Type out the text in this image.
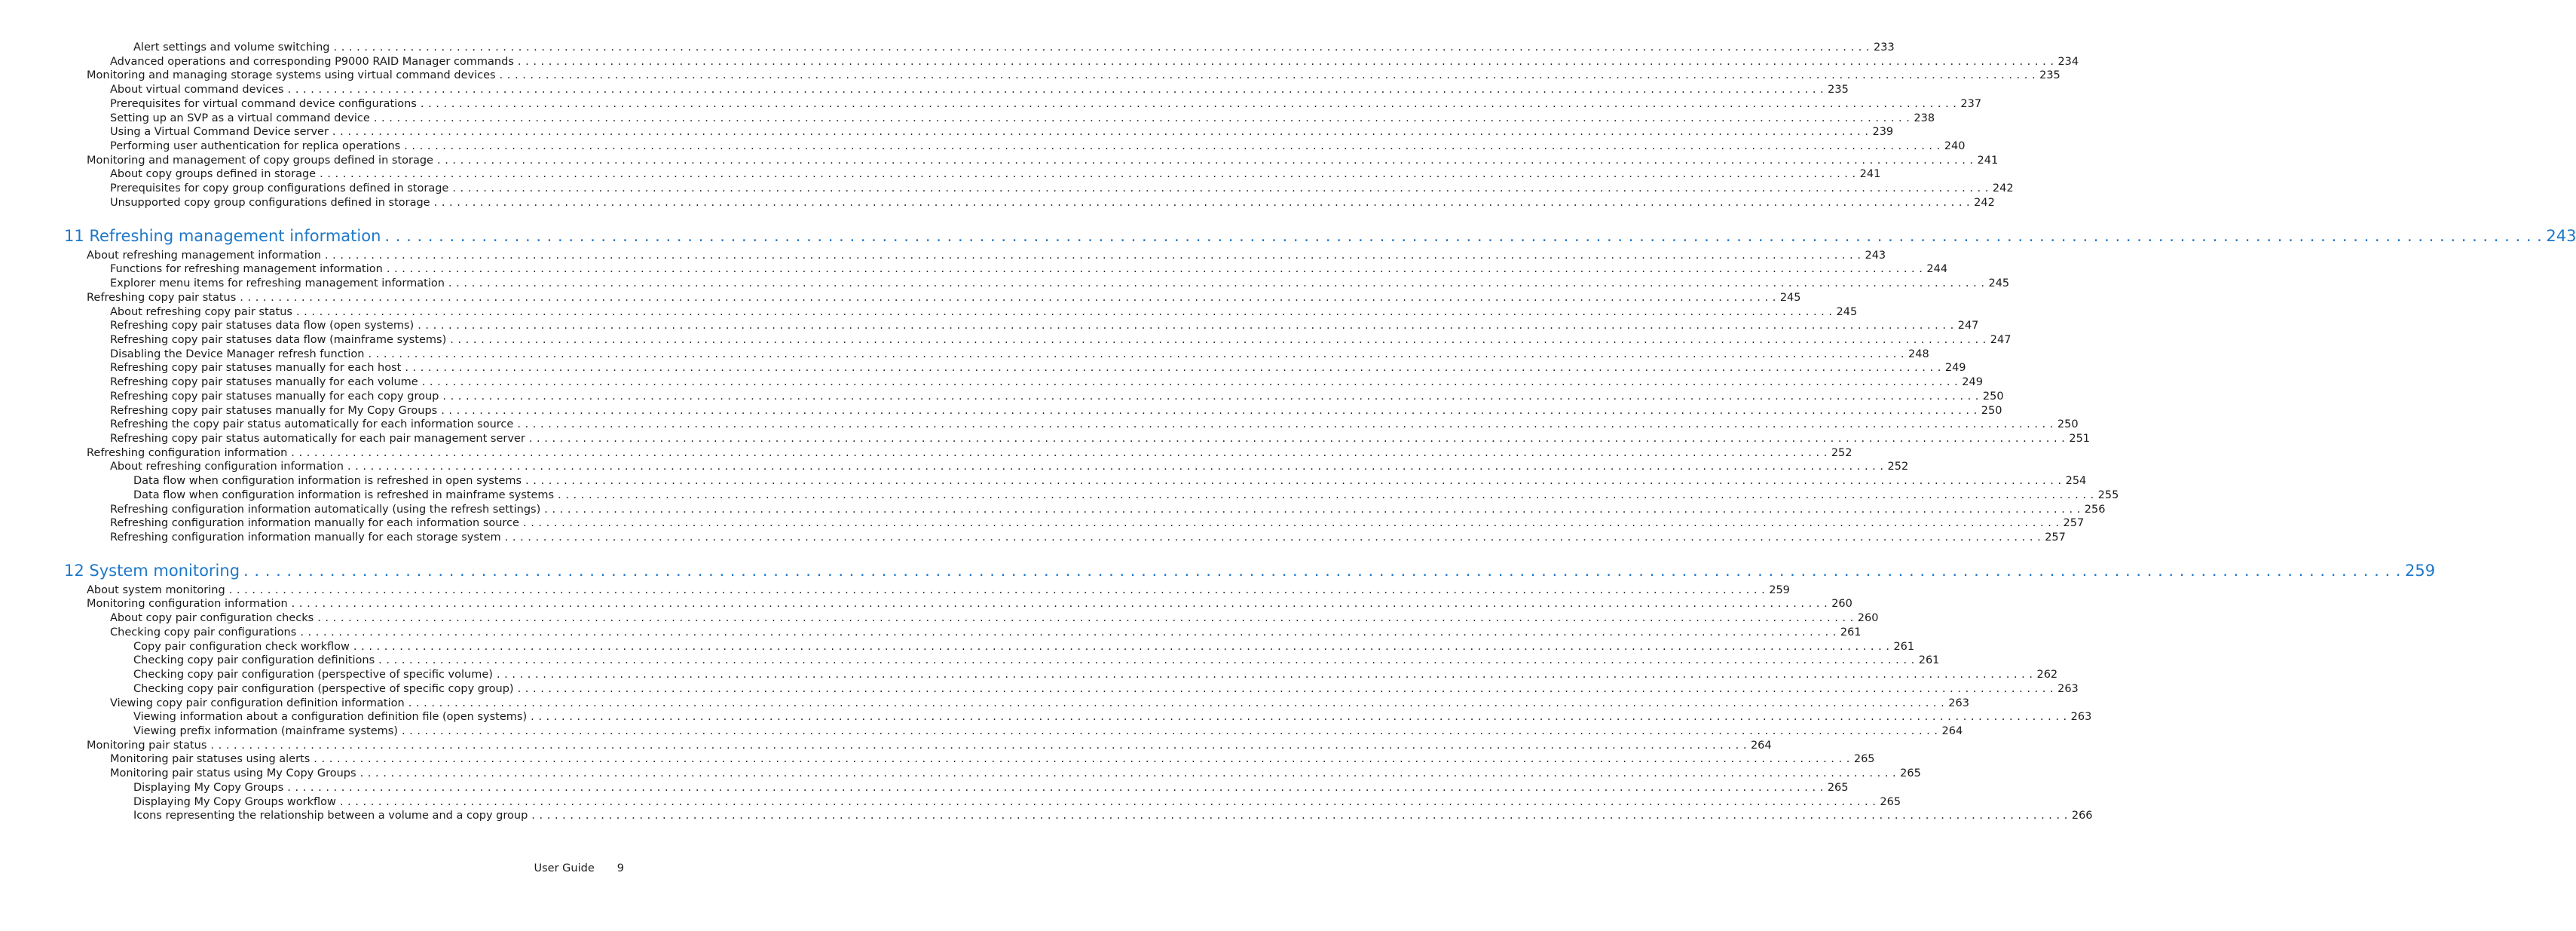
Alert settings and volume switching . . . . . . . . . . . . . . . . . . . . . . . . . . . . . . . . . . . . . . . . . . . . . . . . . . . . . . . . . . . . . . . . . . . . . . . . . . . . . . . . . . . . . . . . . . . . . . . . . . . . . . . . . . . . . . . . . . . . . . . . . . . . . . . . . . . . . . . . . . . . . . . . . . . . . . . . . . . . . . . . . . . . . . . . . . . . . . . . . . . . . . . . . . . . . . . . . . . . . . . . 233
Advanced operations and corresponding P9000 RAID Manager commands . . . . . . . . . . . . . . . . . . . . . . . . . . . . . . . . . . . . . . . . . . . . . . . . . . . . . . . . . . . . . . . . . . . . . . . . . . . . . . . . . . . . . . . . . . . . . . . . . . . . . . . . . . . . . . . . . . . . . . . . . . . . . . . . . . . . . . . . . . . . . . . . . . . . . . . . . . . . . . . . . . . . . . . . . . . . . . . . . . . . . . . . . . . . . . . . . . . . . . . . 234
Monitoring and managing storage systems using virtual command devices . . . . . . . . . . . . . . . . . . . . . . . . . . . . . . . . . . . . . . . . . . . . . . . . . . . . . . . . . . . . . . . . . . . . . . . . . . . . . . . . . . . . . . . . . . . . . . . . . . . . . . . . . . . . . . . . . . . . . . . . . . . . . . . . . . . . . . . . . . . . . . . . . . . . . . . . . . . . . . . . . . . . . . . . . . . . . . . . . . . . . . . . . . . . . . . . . . . . . . . . 235
About virtual command devices . . . . . . . . . . . . . . . . . . . . . . . . . . . . . . . . . . . . . . . . . . . . . . . . . . . . . . . . . . . . . . . . . . . . . . . . . . . . . . . . . . . . . . . . . . . . . . . . . . . . . . . . . . . . . . . . . . . . . . . . . . . . . . . . . . . . . . . . . . . . . . . . . . . . . . . . . . . . . . . . . . . . . . . . . . . . . . . . . . . . . . . . . . . . . . . . . . . . . . . . 235
Prerequisites for virtual command device configurations . . . . . . . . . . . . . . . . . . . . . . . . . . . . . . . . . . . . . . . . . . . . . . . . . . . . . . . . . . . . . . . . . . . . . . . . . . . . . . . . . . . . . . . . . . . . . . . . . . . . . . . . . . . . . . . . . . . . . . . . . . . . . . . . . . . . . . . . . . . . . . . . . . . . . . . . . . . . . . . . . . . . . . . . . . . . . . . . . . . . . . . . . . . . . . . . . . . . . . . . 237
Setting up an SVP as a virtual command device . . . . . . . . . . . . . . . . . . . . . . . . . . . . . . . . . . . . . . . . . . . . . . . . . . . . . . . . . . . . . . . . . . . . . . . . . . . . . . . . . . . . . . . . . . . . . . . . . . . . . . . . . . . . . . . . . . . . . . . . . . . . . . . . . . . . . . . . . . . . . . . . . . . . . . . . . . . . . . . . . . . . . . . . . . . . . . . . . . . . . . . . . . . . . . . . . . . . . . . . 238
Using a Virtual Command Device server . . . . . . . . . . . . . . . . . . . . . . . . . . . . . . . . . . . . . . . . . . . . . . . . . . . . . . . . . . . . . . . . . . . . . . . . . . . . . . . . . . . . . . . . . . . . . . . . . . . . . . . . . . . . . . . . . . . . . . . . . . . . . . . . . . . . . . . . . . . . . . . . . . . . . . . . . . . . . . . . . . . . . . . . . . . . . . . . . . . . . . . . . . . . . . . . . . . . . . . . 239
Performing user authentication for replica operations . . . . . . . . . . . . . . . . . . . . . . . . . . . . . . . . . . . . . . . . . . . . . . . . . . . . . . . . . . . . . . . . . . . . . . . . . . . . . . . . . . . . . . . . . . . . . . . . . . . . . . . . . . . . . . . . . . . . . . . . . . . . . . . . . . . . . . . . . . . . . . . . . . . . . . . . . . . . . . . . . . . . . . . . . . . . . . . . . . . . . . . . . . . . . . . . . . . . . . . . 240
Monitoring and management of copy groups defined in storage . . . . . . . . . . . . . . . . . . . . . . . . . . . . . . . . . . . . . . . . . . . . . . . . . . . . . . . . . . . . . . . . . . . . . . . . . . . . . . . . . . . . . . . . . . . . . . . . . . . . . . . . . . . . . . . . . . . . . . . . . . . . . . . . . . . . . . . . . . . . . . . . . . . . . . . . . . . . . . . . . . . . . . . . . . . . . . . . . . . . . . . . . . . . . . . . . . . . . . . . 241
About copy groups defined in storage . . . . . . . . . . . . . . . . . . . . . . . . . . . . . . . . . . . . . . . . . . . . . . . . . . . . . . . . . . . . . . . . . . . . . . . . . . . . . . . . . . . . . . . . . . . . . . . . . . . . . . . . . . . . . . . . . . . . . . . . . . . . . . . . . . . . . . . . . . . . . . . . . . . . . . . . . . . . . . . . . . . . . . . . . . . . . . . . . . . . . . . . . . . . . . . . . . . . . . . . 241
Prerequisites for copy group configurations defined in storage . . . . . . . . . . . . . . . . . . . . . . . . . . . . . . . . . . . . . . . . . . . . . . . . . . . . . . . . . . . . . . . . . . . . . . . . . . . . . . . . . . . . . . . . . . . . . . . . . . . . . . . . . . . . . . . . . . . . . . . . . . . . . . . . . . . . . . . . . . . . . . . . . . . . . . . . . . . . . . . . . . . . . . . . . . . . . . . . . . . . . . . . . . . . . . . . . . . . . . . . 242
Unsupported copy group configurations defined in storage . . . . . . . . . . . . . . . . . . . . . . . . . . . . . . . . . . . . . . . . . . . . . . . . . . . . . . . . . . . . . . . . . . . . . . . . . . . . . . . . . . . . . . . . . . . . . . . . . . . . . . . . . . . . . . . . . . . . . . . . . . . . . . . . . . . . . . . . . . . . . . . . . . . . . . . . . . . . . . . . . . . . . . . . . . . . . . . . . . . . . . . . . . . . . . . . . . . . . . . . 242
11 Refreshing management information . . . . . . . . . . . . . . . . . . . . . . . . . . . . . . . . . . . . . . . . . . . . . . . . . . . . . . . . . . . . . . . . . . . . . . . . . . . . . . . . . . . . . . . . . . . . . . . . . . . . . . . . . . . . . . . . . . . . . . . . . . . . . . . . . . . . . . . . . . . . . . . . . . . . . . . . . . . . . . . . . . . . . . . . . . . . . . . . . . . . . . . . . . . . . . . . . . . . . . . . 243
About refreshing management information . . . . . . . . . . . . . . . . . . . . . . . . . . . . . . . . . . . . . . . . . . . . . . . . . . . . . . . . . . . . . . . . . . . . . . . . . . . . . . . . . . . . . . . . . . . . . . . . . . . . . . . . . . . . . . . . . . . . . . . . . . . . . . . . . . . . . . . . . . . . . . . . . . . . . . . . . . . . . . . . . . . . . . . . . . . . . . . . . . . . . . . . . . . . . . . . . . . . . . . . 243
Functions for refreshing management information . . . . . . . . . . . . . . . . . . . . . . . . . . . . . . . . . . . . . . . . . . . . . . . . . . . . . . . . . . . . . . . . . . . . . . . . . . . . . . . . . . . . . . . . . . . . . . . . . . . . . . . . . . . . . . . . . . . . . . . . . . . . . . . . . . . . . . . . . . . . . . . . . . . . . . . . . . . . . . . . . . . . . . . . . . . . . . . . . . . . . . . . . . . . . . . . . . . . . . . . 244
Explorer menu items for refreshing management information . . . . . . . . . . . . . . . . . . . . . . . . . . . . . . . . . . . . . . . . . . . . . . . . . . . . . . . . . . . . . . . . . . . . . . . . . . . . . . . . . . . . . . . . . . . . . . . . . . . . . . . . . . . . . . . . . . . . . . . . . . . . . . . . . . . . . . . . . . . . . . . . . . . . . . . . . . . . . . . . . . . . . . . . . . . . . . . . . . . . . . . . . . . . . . . . . . . . . . . . 245
Refreshing copy pair status . . . . . . . . . . . . . . . . . . . . . . . . . . . . . . . . . . . . . . . . . . . . . . . . . . . . . . . . . . . . . . . . . . . . . . . . . . . . . . . . . . . . . . . . . . . . . . . . . . . . . . . . . . . . . . . . . . . . . . . . . . . . . . . . . . . . . . . . . . . . . . . . . . . . . . . . . . . . . . . . . . . . . . . . . . . . . . . . . . . . . . . . . . . . . . . . . . . . . . . . 245
About refreshing copy pair status . . . . . . . . . . . . . . . . . . . . . . . . . . . . . . . . . . . . . . . . . . . . . . . . . . . . . . . . . . . . . . . . . . . . . . . . . . . . . . . . . . . . . . . . . . . . . . . . . . . . . . . . . . . . . . . . . . . . . . . . . . . . . . . . . . . . . . . . . . . . . . . . . . . . . . . . . . . . . . . . . . . . . . . . . . . . . . . . . . . . . . . . . . . . . . . . . . . . . . . . 245
Refreshing copy pair statuses data flow (open systems) . . . . . . . . . . . . . . . . . . . . . . . . . . . . . . . . . . . . . . . . . . . . . . . . . . . . . . . . . . . . . . . . . . . . . . . . . . . . . . . . . . . . . . . . . . . . . . . . . . . . . . . . . . . . . . . . . . . . . . . . . . . . . . . . . . . . . . . . . . . . . . . . . . . . . . . . . . . . . . . . . . . . . . . . . . . . . . . . . . . . . . . . . . . . . . . . . . . . . . . . 247
Refreshing copy pair statuses data flow (mainframe systems) . . . . . . . . . . . . . . . . . . . . . . . . . . . . . . . . . . . . . . . . . . . . . . . . . . . . . . . . . . . . . . . . . . . . . . . . . . . . . . . . . . . . . . . . . . . . . . . . . . . . . . . . . . . . . . . . . . . . . . . . . . . . . . . . . . . . . . . . . . . . . . . . . . . . . . . . . . . . . . . . . . . . . . . . . . . . . . . . . . . . . . . . . . . . . . . . . . . . . . . . 247
Disabling the Device Manager refresh function . . . . . . . . . . . . . . . . . . . . . . . . . . . . . . . . . . . . . . . . . . . . . . . . . . . . . . . . . . . . . . . . . . . . . . . . . . . . . . . . . . . . . . . . . . . . . . . . . . . . . . . . . . . . . . . . . . . . . . . . . . . . . . . . . . . . . . . . . . . . . . . . . . . . . . . . . . . . . . . . . . . . . . . . . . . . . . . . . . . . . . . . . . . . . . . . . . . . . . . . 248
Refreshing copy pair statuses manually for each host . . . . . . . . . . . . . . . . . . . . . . . . . . . . . . . . . . . . . . . . . . . . . . . . . . . . . . . . . . . . . . . . . . . . . . . . . . . . . . . . . . . . . . . . . . . . . . . . . . . . . . . . . . . . . . . . . . . . . . . . . . . . . . . . . . . . . . . . . . . . . . . . . . . . . . . . . . . . . . . . . . . . . . . . . . . . . . . . . . . . . . . . . . . . . . . . . . . . . . . . 249
Refreshing copy pair statuses manually for each volume . . . . . . . . . . . . . . . . . . . . . . . . . . . . . . . . . . . . . . . . . . . . . . . . . . . . . . . . . . . . . . . . . . . . . . . . . . . . . . . . . . . . . . . . . . . . . . . . . . . . . . . . . . . . . . . . . . . . . . . . . . . . . . . . . . . . . . . . . . . . . . . . . . . . . . . . . . . . . . . . . . . . . . . . . . . . . . . . . . . . . . . . . . . . . . . . . . . . . . . . 249
Refreshing copy pair statuses manually for each copy group . . . . . . . . . . . . . . . . . . . . . . . . . . . . . . . . . . . . . . . . . . . . . . . . . . . . . . . . . . . . . . . . . . . . . . . . . . . . . . . . . . . . . . . . . . . . . . . . . . . . . . . . . . . . . . . . . . . . . . . . . . . . . . . . . . . . . . . . . . . . . . . . . . . . . . . . . . . . . . . . . . . . . . . . . . . . . . . . . . . . . . . . . . . . . . . . . . . . . . . . 250
Refreshing copy pair statuses manually for My Copy Groups . . . . . . . . . . . . . . . . . . . . . . . . . . . . . . . . . . . . . . . . . . . . . . . . . . . . . . . . . . . . . . . . . . . . . . . . . . . . . . . . . . . . . . . . . . . . . . . . . . . . . . . . . . . . . . . . . . . . . . . . . . . . . . . . . . . . . . . . . . . . . . . . . . . . . . . . . . . . . . . . . . . . . . . . . . . . . . . . . . . . . . . . . . . . . . . . . . . . . . . . 250
Refreshing the copy pair status automatically for each information source . . . . . . . . . . . . . . . . . . . . . . . . . . . . . . . . . . . . . . . . . . . . . . . . . . . . . . . . . . . . . . . . . . . . . . . . . . . . . . . . . . . . . . . . . . . . . . . . . . . . . . . . . . . . . . . . . . . . . . . . . . . . . . . . . . . . . . . . . . . . . . . . . . . . . . . . . . . . . . . . . . . . . . . . . . . . . . . . . . . . . . . . . . . . . . . . . . . . . . . . 250
Refreshing copy pair status automatically for each pair management server . . . . . . . . . . . . . . . . . . . . . . . . . . . . . . . . . . . . . . . . . . . . . . . . . . . . . . . . . . . . . . . . . . . . . . . . . . . . . . . . . . . . . . . . . . . . . . . . . . . . . . . . . . . . . . . . . . . . . . . . . . . . . . . . . . . . . . . . . . . . . . . . . . . . . . . . . . . . . . . . . . . . . . . . . . . . . . . . . . . . . . . . . . . . . . . . . . . . . . . . 251
Refreshing configuration information . . . . . . . . . . . . . . . . . . . . . . . . . . . . . . . . . . . . . . . . . . . . . . . . . . . . . . . . . . . . . . . . . . . . . . . . . . . . . . . . . . . . . . . . . . . . . . . . . . . . . . . . . . . . . . . . . . . . . . . . . . . . . . . . . . . . . . . . . . . . . . . . . . . . . . . . . . . . . . . . . . . . . . . . . . . . . . . . . . . . . . . . . . . . . . . . . . . . . . . . 252
About refreshing configuration information . . . . . . . . . . . . . . . . . . . . . . . . . . . . . . . . . . . . . . . . . . . . . . . . . . . . . . . . . . . . . . . . . . . . . . . . . . . . . . . . . . . . . . . . . . . . . . . . . . . . . . . . . . . . . . . . . . . . . . . . . . . . . . . . . . . . . . . . . . . . . . . . . . . . . . . . . . . . . . . . . . . . . . . . . . . . . . . . . . . . . . . . . . . . . . . . . . . . . . . . 252
Data flow when configuration information is refreshed in open systems . . . . . . . . . . . . . . . . . . . . . . . . . . . . . . . . . . . . . . . . . . . . . . . . . . . . . . . . . . . . . . . . . . . . . . . . . . . . . . . . . . . . . . . . . . . . . . . . . . . . . . . . . . . . . . . . . . . . . . . . . . . . . . . . . . . . . . . . . . . . . . . . . . . . . . . . . . . . . . . . . . . . . . . . . . . . . . . . . . . . . . . . . . . . . . . . . . . . . . . . 254
Data flow when configuration information is refreshed in mainframe systems . . . . . . . . . . . . . . . . . . . . . . . . . . . . . . . . . . . . . . . . . . . . . . . . . . . . . . . . . . . . . . . . . . . . . . . . . . . . . . . . . . . . . . . . . . . . . . . . . . . . . . . . . . . . . . . . . . . . . . . . . . . . . . . . . . . . . . . . . . . . . . . . . . . . . . . . . . . . . . . . . . . . . . . . . . . . . . . . . . . . . . . . . . . . . . . . . . . . . . . . 255
Refreshing configuration information automatically (using the refresh settings) . . . . . . . . . . . . . . . . . . . . . . . . . . . . . . . . . . . . . . . . . . . . . . . . . . . . . . . . . . . . . . . . . . . . . . . . . . . . . . . . . . . . . . . . . . . . . . . . . . . . . . . . . . . . . . . . . . . . . . . . . . . . . . . . . . . . . . . . . . . . . . . . . . . . . . . . . . . . . . . . . . . . . . . . . . . . . . . . . . . . . . . . . . . . . . . . . . . . . . . . 256
Refreshing configuration information manually for each information source . . . . . . . . . . . . . . . . . . . . . . . . . . . . . . . . . . . . . . . . . . . . . . . . . . . . . . . . . . . . . . . . . . . . . . . . . . . . . . . . . . . . . . . . . . . . . . . . . . . . . . . . . . . . . . . . . . . . . . . . . . . . . . . . . . . . . . . . . . . . . . . . . . . . . . . . . . . . . . . . . . . . . . . . . . . . . . . . . . . . . . . . . . . . . . . . . . . . . . . . 257
Refreshing configuration information manually for each storage system . . . . . . . . . . . . . . . . . . . . . . . . . . . . . . . . . . . . . . . . . . . . . . . . . . . . . . . . . . . . . . . . . . . . . . . . . . . . . . . . . . . . . . . . . . . . . . . . . . . . . . . . . . . . . . . . . . . . . . . . . . . . . . . . . . . . . . . . . . . . . . . . . . . . . . . . . . . . . . . . . . . . . . . . . . . . . . . . . . . . . . . . . . . . . . . . . . . . . . . . 257
12 System monitoring . . . . . . . . . . . . . . . . . . . . . . . . . . . . . . . . . . . . . . . . . . . . . . . . . . . . . . . . . . . . . . . . . . . . . . . . . . . . . . . . . . . . . . . . . . . . . . . . . . . . . . . . . . . . . . . . . . . . . . . . . . . . . . . . . . . . . . . . . . . . . . . . . . . . . . . . . . . . . . . . . . . . . . . . . . . . . . . . . . . . . . . . . . . . . . . . . . . . . . . . 259
About system monitoring . . . . . . . . . . . . . . . . . . . . . . . . . . . . . . . . . . . . . . . . . . . . . . . . . . . . . . . . . . . . . . . . . . . . . . . . . . . . . . . . . . . . . . . . . . . . . . . . . . . . . . . . . . . . . . . . . . . . . . . . . . . . . . . . . . . . . . . . . . . . . . . . . . . . . . . . . . . . . . . . . . . . . . . . . . . . . . . . . . . . . . . . . . . . . . . . . . . . . . . . 259
Monitoring configuration information . . . . . . . . . . . . . . . . . . . . . . . . . . . . . . . . . . . . . . . . . . . . . . . . . . . . . . . . . . . . . . . . . . . . . . . . . . . . . . . . . . . . . . . . . . . . . . . . . . . . . . . . . . . . . . . . . . . . . . . . . . . . . . . . . . . . . . . . . . . . . . . . . . . . . . . . . . . . . . . . . . . . . . . . . . . . . . . . . . . . . . . . . . . . . . . . . . . . . . . . 260
About copy pair configuration checks . . . . . . . . . . . . . . . . . . . . . . . . . . . . . . . . . . . . . . . . . . . . . . . . . . . . . . . . . . . . . . . . . . . . . . . . . . . . . . . . . . . . . . . . . . . . . . . . . . . . . . . . . . . . . . . . . . . . . . . . . . . . . . . . . . . . . . . . . . . . . . . . . . . . . . . . . . . . . . . . . . . . . . . . . . . . . . . . . . . . . . . . . . . . . . . . . . . . . . . . 260
Checking copy pair configurations . . . . . . . . . . . . . . . . . . . . . . . . . . . . . . . . . . . . . . . . . . . . . . . . . . . . . . . . . . . . . . . . . . . . . . . . . . . . . . . . . . . . . . . . . . . . . . . . . . . . . . . . . . . . . . . . . . . . . . . . . . . . . . . . . . . . . . . . . . . . . . . . . . . . . . . . . . . . . . . . . . . . . . . . . . . . . . . . . . . . . . . . . . . . . . . . . . . . . . . . 261
Copy pair configuration check workflow . . . . . . . . . . . . . . . . . . . . . . . . . . . . . . . . . . . . . . . . . . . . . . . . . . . . . . . . . . . . . . . . . . . . . . . . . . . . . . . . . . . . . . . . . . . . . . . . . . . . . . . . . . . . . . . . . . . . . . . . . . . . . . . . . . . . . . . . . . . . . . . . . . . . . . . . . . . . . . . . . . . . . . . . . . . . . . . . . . . . . . . . . . . . . . . . . . . . . . . . 261
Checking copy pair configuration definitions . . . . . . . . . . . . . . . . . . . . . . . . . . . . . . . . . . . . . . . . . . . . . . . . . . . . . . . . . . . . . . . . . . . . . . . . . . . . . . . . . . . . . . . . . . . . . . . . . . . . . . . . . . . . . . . . . . . . . . . . . . . . . . . . . . . . . . . . . . . . . . . . . . . . . . . . . . . . . . . . . . . . . . . . . . . . . . . . . . . . . . . . . . . . . . . . . . . . . . . . 261
Checking copy pair configuration (perspective of specific volume) . . . . . . . . . . . . . . . . . . . . . . . . . . . . . . . . . . . . . . . . . . . . . . . . . . . . . . . . . . . . . . . . . . . . . . . . . . . . . . . . . . . . . . . . . . . . . . . . . . . . . . . . . . . . . . . . . . . . . . . . . . . . . . . . . . . . . . . . . . . . . . . . . . . . . . . . . . . . . . . . . . . . . . . . . . . . . . . . . . . . . . . . . . . . . . . . . . . . . . . . 262
Checking copy pair configuration (perspective of specific copy group) . . . . . . . . . . . . . . . . . . . . . . . . . . . . . . . . . . . . . . . . . . . . . . . . . . . . . . . . . . . . . . . . . . . . . . . . . . . . . . . . . . . . . . . . . . . . . . . . . . . . . . . . . . . . . . . . . . . . . . . . . . . . . . . . . . . . . . . . . . . . . . . . . . . . . . . . . . . . . . . . . . . . . . . . . . . . . . . . . . . . . . . . . . . . . . . . . . . . . . . . 263
Viewing copy pair configuration definition information . . . . . . . . . . . . . . . . . . . . . . . . . . . . . . . . . . . . . . . . . . . . . . . . . . . . . . . . . . . . . . . . . . . . . . . . . . . . . . . . . . . . . . . . . . . . . . . . . . . . . . . . . . . . . . . . . . . . . . . . . . . . . . . . . . . . . . . . . . . . . . . . . . . . . . . . . . . . . . . . . . . . . . . . . . . . . . . . . . . . . . . . . . . . . . . . . . . . . . . . 263
Viewing information about a configuration definition file (open systems) . . . . . . . . . . . . . . . . . . . . . . . . . . . . . . . . . . . . . . . . . . . . . . . . . . . . . . . . . . . . . . . . . . . . . . . . . . . . . . . . . . . . . . . . . . . . . . . . . . . . . . . . . . . . . . . . . . . . . . . . . . . . . . . . . . . . . . . . . . . . . . . . . . . . . . . . . . . . . . . . . . . . . . . . . . . . . . . . . . . . . . . . . . . . . . . . . . . . . . . . 263
Viewing prefix information (mainframe systems) . . . . . . . . . . . . . . . . . . . . . . . . . . . . . . . . . . . . . . . . . . . . . . . . . . . . . . . . . . . . . . . . . . . . . . . . . . . . . . . . . . . . . . . . . . . . . . . . . . . . . . . . . . . . . . . . . . . . . . . . . . . . . . . . . . . . . . . . . . . . . . . . . . . . . . . . . . . . . . . . . . . . . . . . . . . . . . . . . . . . . . . . . . . . . . . . . . . . . . . . 264
Monitoring pair status . . . . . . . . . . . . . . . . . . . . . . . . . . . . . . . . . . . . . . . . . . . . . . . . . . . . . . . . . . . . . . . . . . . . . . . . . . . . . . . . . . . . . . . . . . . . . . . . . . . . . . . . . . . . . . . . . . . . . . . . . . . . . . . . . . . . . . . . . . . . . . . . . . . . . . . . . . . . . . . . . . . . . . . . . . . . . . . . . . . . . . . . . . . . . . . . . . . . . . . . 264
Monitoring pair statuses using alerts . . . . . . . . . . . . . . . . . . . . . . . . . . . . . . . . . . . . . . . . . . . . . . . . . . . . . . . . . . . . . . . . . . . . . . . . . . . . . . . . . . . . . . . . . . . . . . . . . . . . . . . . . . . . . . . . . . . . . . . . . . . . . . . . . . . . . . . . . . . . . . . . . . . . . . . . . . . . . . . . . . . . . . . . . . . . . . . . . . . . . . . . . . . . . . . . . . . . . . . . 265
Monitoring pair status using My Copy Groups . . . . . . . . . . . . . . . . . . . . . . . . . . . . . . . . . . . . . . . . . . . . . . . . . . . . . . . . . . . . . . . . . . . . . . . . . . . . . . . . . . . . . . . . . . . . . . . . . . . . . . . . . . . . . . . . . . . . . . . . . . . . . . . . . . . . . . . . . . . . . . . . . . . . . . . . . . . . . . . . . . . . . . . . . . . . . . . . . . . . . . . . . . . . . . . . . . . . . . . . 265
Displaying My Copy Groups . . . . . . . . . . . . . . . . . . . . . . . . . . . . . . . . . . . . . . . . . . . . . . . . . . . . . . . . . . . . . . . . . . . . . . . . . . . . . . . . . . . . . . . . . . . . . . . . . . . . . . . . . . . . . . . . . . . . . . . . . . . . . . . . . . . . . . . . . . . . . . . . . . . . . . . . . . . . . . . . . . . . . . . . . . . . . . . . . . . . . . . . . . . . . . . . . . . . . . . . 265
Displaying My Copy Groups workflow . . . . . . . . . . . . . . . . . . . . . . . . . . . . . . . . . . . . . . . . . . . . . . . . . . . . . . . . . . . . . . . . . . . . . . . . . . . . . . . . . . . . . . . . . . . . . . . . . . . . . . . . . . . . . . . . . . . . . . . . . . . . . . . . . . . . . . . . . . . . . . . . . . . . . . . . . . . . . . . . . . . . . . . . . . . . . . . . . . . . . . . . . . . . . . . . . . . . . . . . 265
Icons representing the relationship between a volume and a copy group . . . . . . . . . . . . . . . . . . . . . . . . . . . . . . . . . . . . . . . . . . . . . . . . . . . . . . . . . . . . . . . . . . . . . . . . . . . . . . . . . . . . . . . . . . . . . . . . . . . . . . . . . . . . . . . . . . . . . . . . . . . . . . . . . . . . . . . . . . . . . . . . . . . . . . . . . . . . . . . . . . . . . . . . . . . . . . . . . . . . . . . . . . . . . . . . . . . . . . . . 266
User Guide 9
